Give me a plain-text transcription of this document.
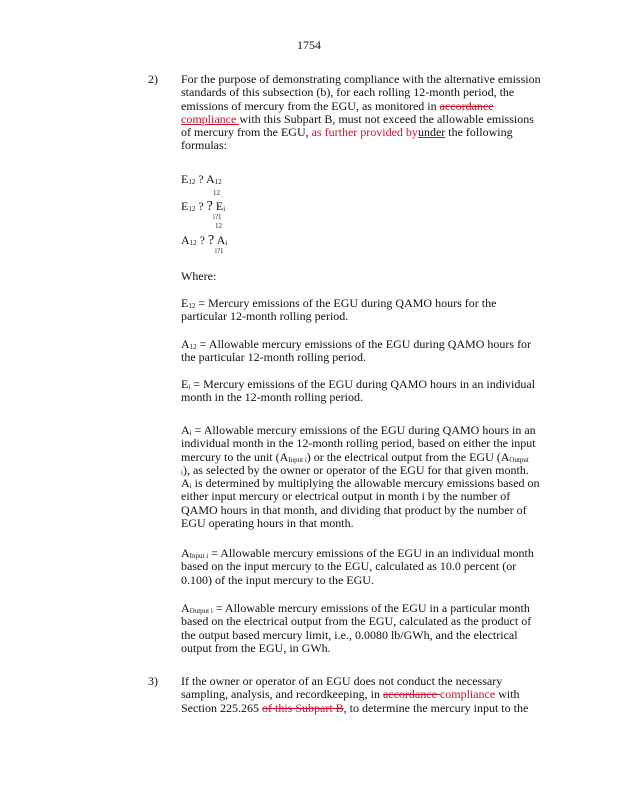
1754
2) For the purpose of demonstrating compliance with the alternative emission
standards of this subsection (b), for each rolling 12-month period, the
emissions of mercury from the EGU, as monitored in accordance
compliance with this Subpart B, must not exceed the allowable emissions
of mercury from the EGU, as further provided byunder the following
formulas:
Where:
E12 = Mercury emissions of the EGU during QAMO hours for the
particular 12-month rolling period.
A12 = Allowable mercury emissions of the EGU during QAMO hours for
the particular 12-month rolling period.
Ei = Mercury emissions of the EGU during QAMO hours in an individual
month in the 12-month rolling period.
Ai = Allowable mercury emissions of the EGU during QAMO hours in an
individual month in the 12-month rolling period, based on either the input
mercury to the unit (AInput i) or the electrical output from the EGU (AOutput
i), as selected by the owner or operator of the EGU for that given month.
Ai is determined by multiplying the allowable mercury emissions based on
either input mercury or electrical output in month i by the number of
QAMO hours in that month, and dividing that product by the number of
EGU operating hours in that month.
AInput i = Allowable mercury emissions of the EGU in an individual month
based on the input mercury to the EGU, calculated as 10.0 percent (or
0.100) of the input mercury to the EGU.
AOutput i = Allowable mercury emissions of the EGU in a particular month
based on the electrical output from the EGU, calculated as the product of
the output based mercury limit, i.e., 0.0080 lb/GWh, and the electrical
output from the EGU, in GWh.
3) If the owner or operator of an EGU does not conduct the necessary
sampling, analysis, and recordkeeping, in accordance compliance with
Section 225.265 of this Subpart B, to determine the mercury input to the
E12 ? A12
12
E12 ? ? Ei
i?1
12
A12 ? ? Ai
i?1
